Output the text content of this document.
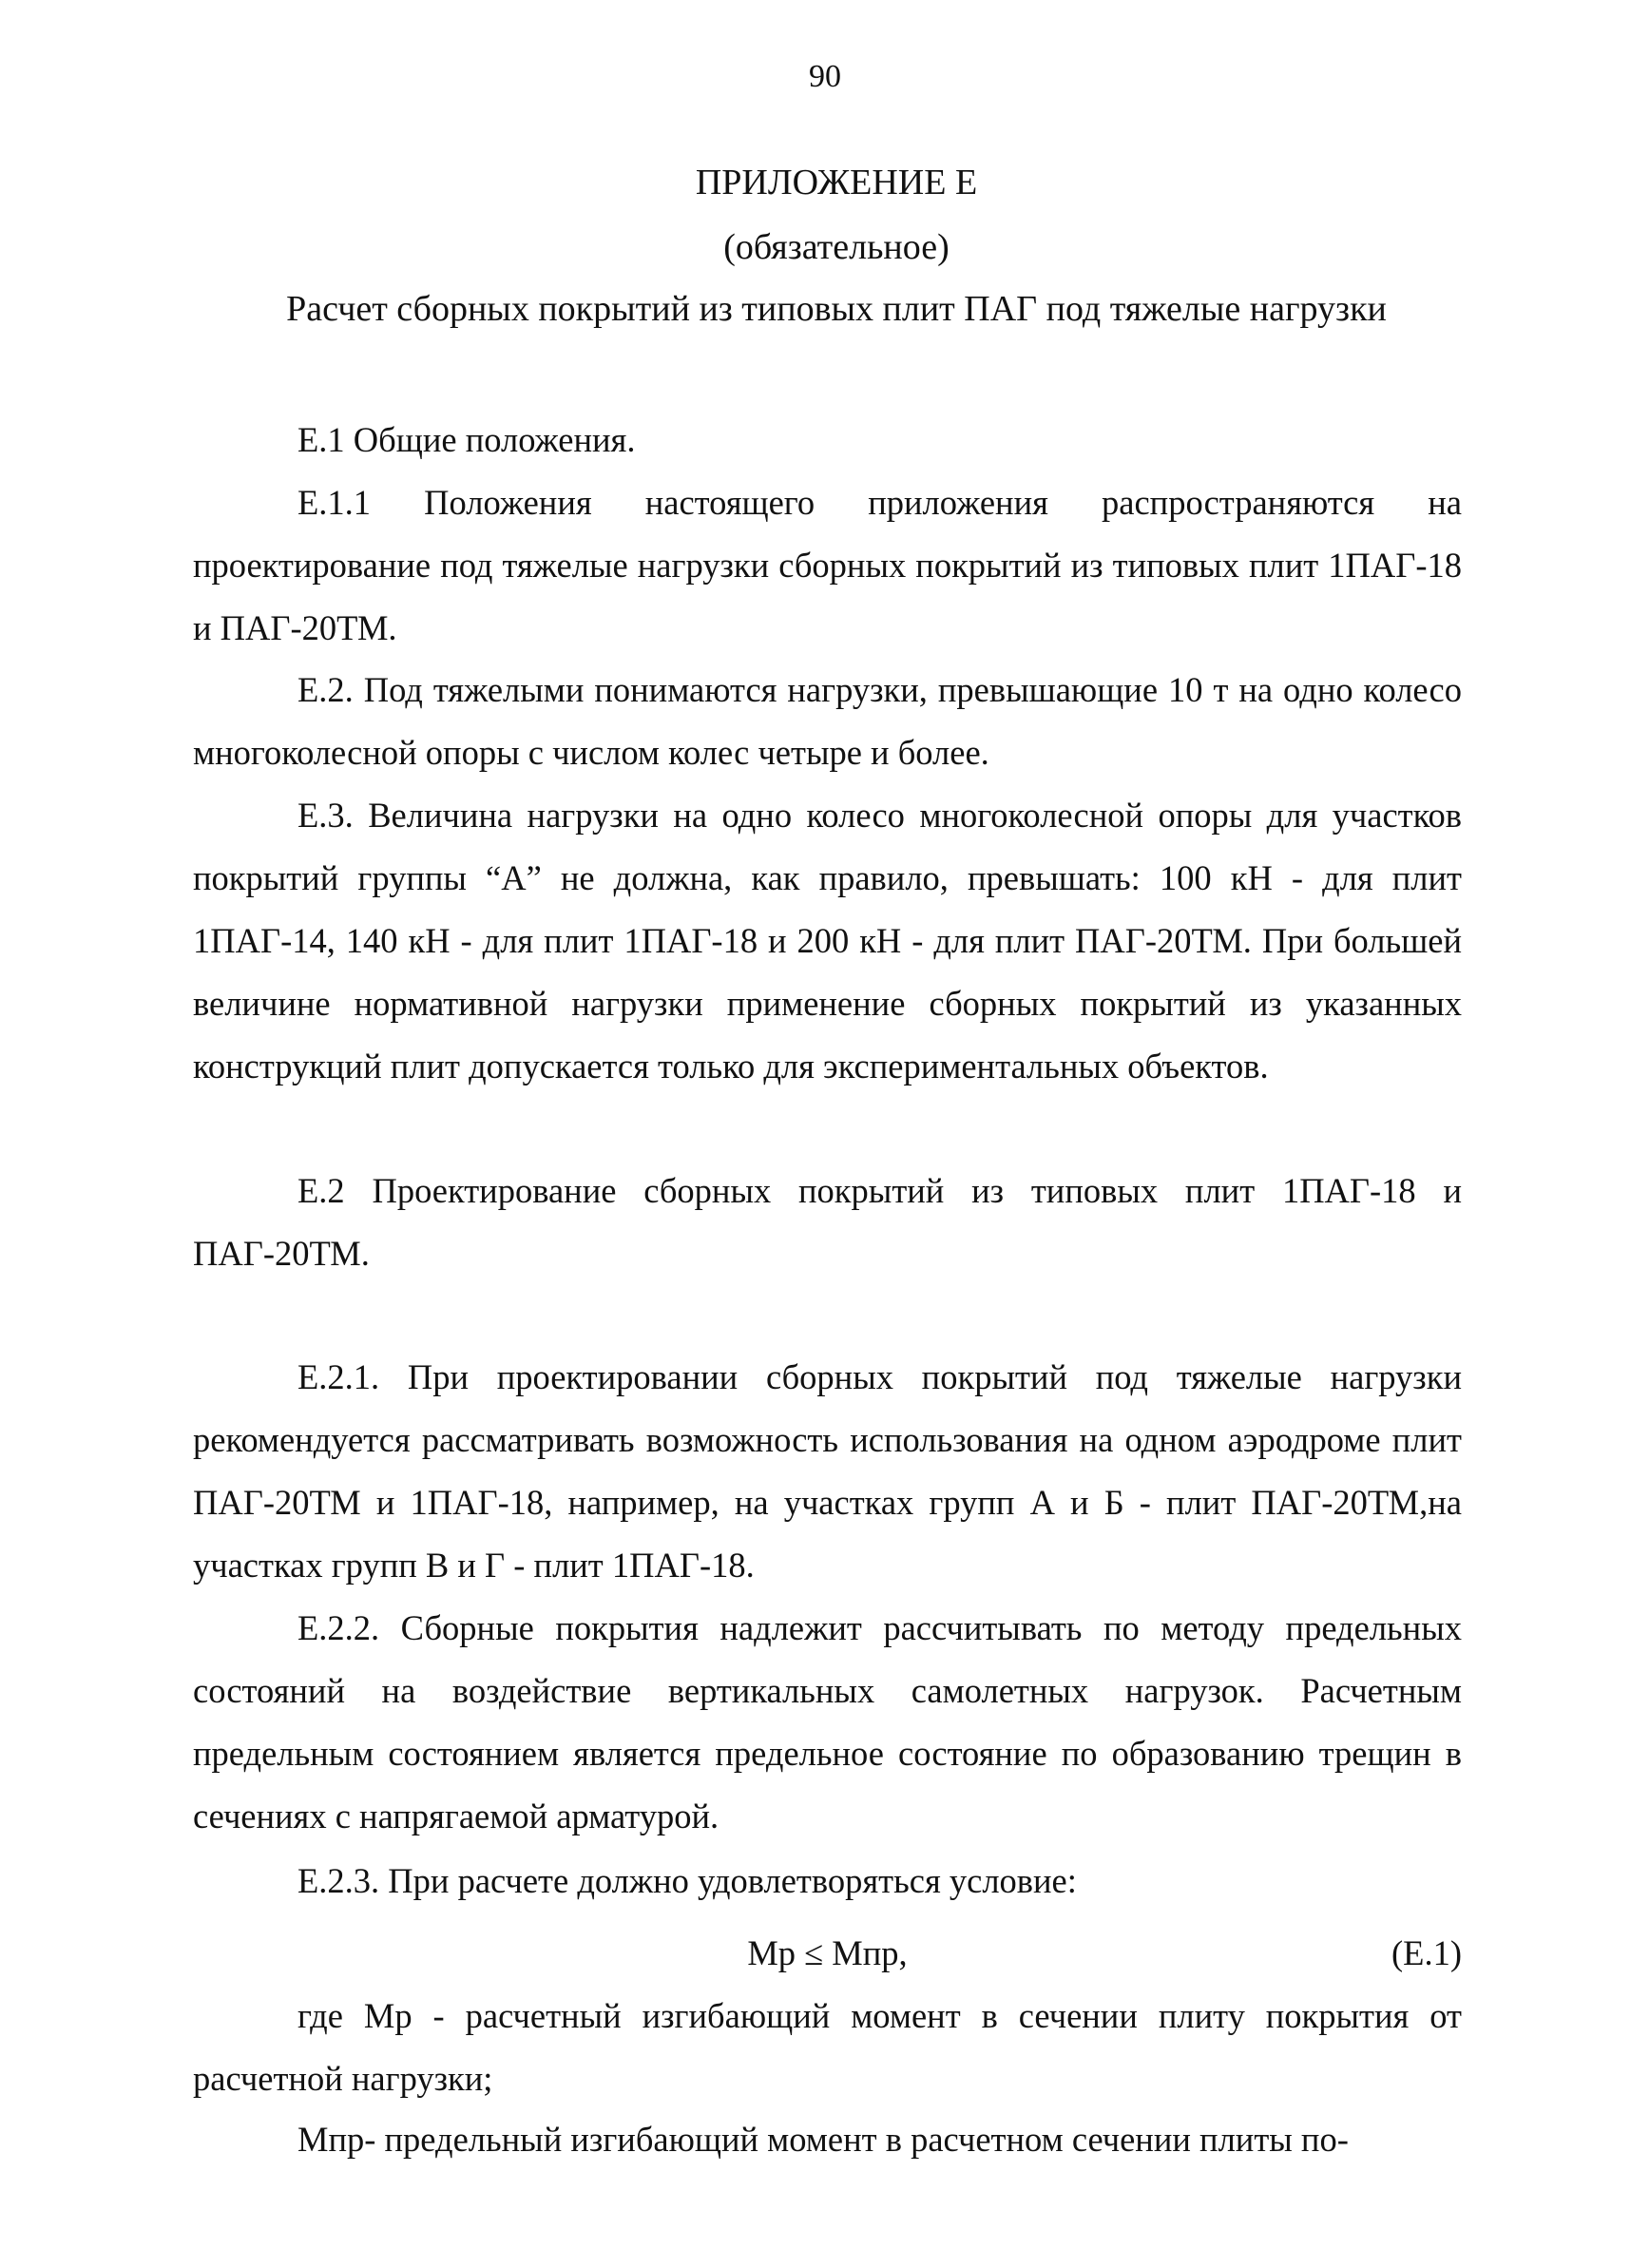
90
ПРИЛОЖЕНИЕ Е
(обязательное)
Расчет сборных покрытий из типовых плит ПАГ под тяжелые нагрузки
Е.1 Общие положения.
Е.1.1 Положения настоящего приложения распространяются на проектирование под тяжелые нагрузки сборных покрытий из типовых плит 1ПАГ-18 и ПАГ-20ТМ.
Е.2. Под тяжелыми понимаются нагрузки, превышающие 10 т на одно колесо многоколесной опоры с числом колес четыре и более.
Е.3. Величина нагрузки на одно колесо многоколесной опоры для участков покрытий группы “А” не должна, как правило, превышать: 100 кН - для плит 1ПАГ-14, 140 кН - для плит 1ПАГ-18 и 200 кН - для плит ПАГ-20ТМ. При большей величине нормативной нагрузки применение сборных покрытий из указанных конструкций плит допускается только для экспериментальных объектов.
Е.2 Проектирование сборных покрытий из типовых плит 1ПАГ-18 и ПАГ-20ТМ.
Е.2.1. При проектировании сборных покрытий под тяжелые нагрузки рекомендуется рассматривать возможность использования на одном аэродроме плит ПАГ-20ТМ и 1ПАГ-18, например, на участках групп А и Б - плит ПАГ-20ТМ,на участках групп В и Г - плит 1ПАГ-18.
Е.2.2. Сборные покрытия надлежит рассчитывать по методу предельных состояний на воздействие вертикальных самолетных нагрузок. Расчетным предельным состоянием является предельное состояние по образованию трещин в сечениях с напрягаемой арматурой.
Е.2.3. При расчете должно удовлетворяться условие:
Мр ≤ Мпр,	(Е.1)
где Мр - расчетный изгибающий момент в сечении плиту покрытия от расчетной нагрузки;
Мпр- предельный изгибающий момент в расчетном сечении плиты по-
